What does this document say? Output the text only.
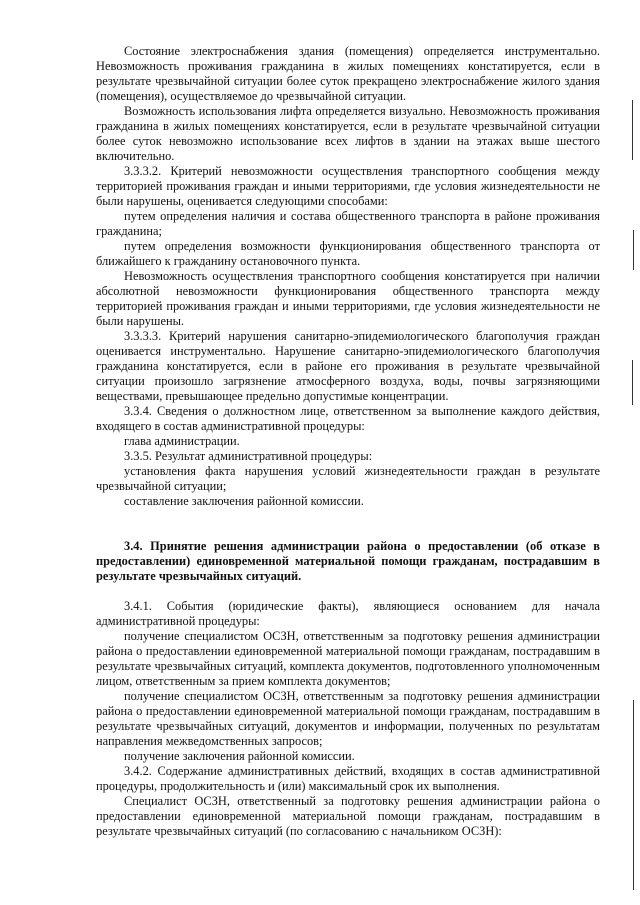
Состояние электроснабжения здания (помещения) определяется инструментально. Невозможность проживания гражданина в жилых помещениях констатируется, если в результате чрезвычайной ситуации более суток прекращено электроснабжение жилого здания (помещения), осуществляемое до чрезвычайной ситуации.

Возможность использования лифта определяется визуально. Невозможность проживания гражданина в жилых помещениях констатируется, если в результате чрезвычайной ситуации более суток невозможно использование всех лифтов в здании на этажах выше шестого включительно.

3.3.3.2. Критерий невозможности осуществления транспортного сообщения между территорией проживания граждан и иными территориями, где условия жизнедеятельности не были нарушены, оценивается следующими способами:

путем определения наличия и состава общественного транспорта в районе проживания гражданина;

путем определения возможности функционирования общественного транспорта от ближайшего к гражданину остановочного пункта.

Невозможность осуществления транспортного сообщения констатируется при наличии абсолютной невозможности функционирования общественного транспорта между территорией проживания граждан и иными территориями, где условия жизнедеятельности не были нарушены.

3.3.3.3. Критерий нарушения санитарно-эпидемиологического благополучия граждан оценивается инструментально. Нарушение санитарно-эпидемиологического благополучия гражданина констатируется, если в районе его проживания в результате чрезвычайной ситуации произошло загрязнение атмосферного воздуха, воды, почвы загрязняющими веществами, превышающее предельно допустимые концентрации.

3.3.4. Сведения о должностном лице, ответственном за выполнение каждого действия, входящего в состав административной процедуры:

глава администрации.

3.3.5. Результат административной процедуры:

установления факта нарушения условий жизнедеятельности граждан в результате чрезвычайной ситуации;

составление заключения районной комиссии.

3.4. Принятие решения администрации района о предоставлении (об отказе в предоставлении) единовременной материальной помощи гражданам, пострадавшим в результате чрезвычайных ситуаций.

3.4.1. События (юридические факты), являющиеся основанием для начала административной процедуры:

получение специалистом ОСЗН, ответственным за подготовку решения администрации района о предоставлении единовременной материальной помощи гражданам, пострадавшим в результате чрезвычайных ситуаций, комплекта документов, подготовленного уполномоченным лицом, ответственным за прием комплекта документов;

получение специалистом ОСЗН, ответственным за подготовку решения администрации района о предоставлении единовременной материальной помощи гражданам, пострадавшим в результате чрезвычайных ситуаций, документов и информации, полученных по результатам направления межведомственных запросов;

получение заключения районной комиссии.

3.4.2. Содержание административных действий, входящих в состав административной процедуры, продолжительность и (или) максимальный срок их выполнения.

Специалист ОСЗН, ответственный за подготовку решения администрации района о предоставлении единовременной материальной помощи гражданам, пострадавшим в результате чрезвычайных ситуаций (по согласованию с начальником ОСЗН):
